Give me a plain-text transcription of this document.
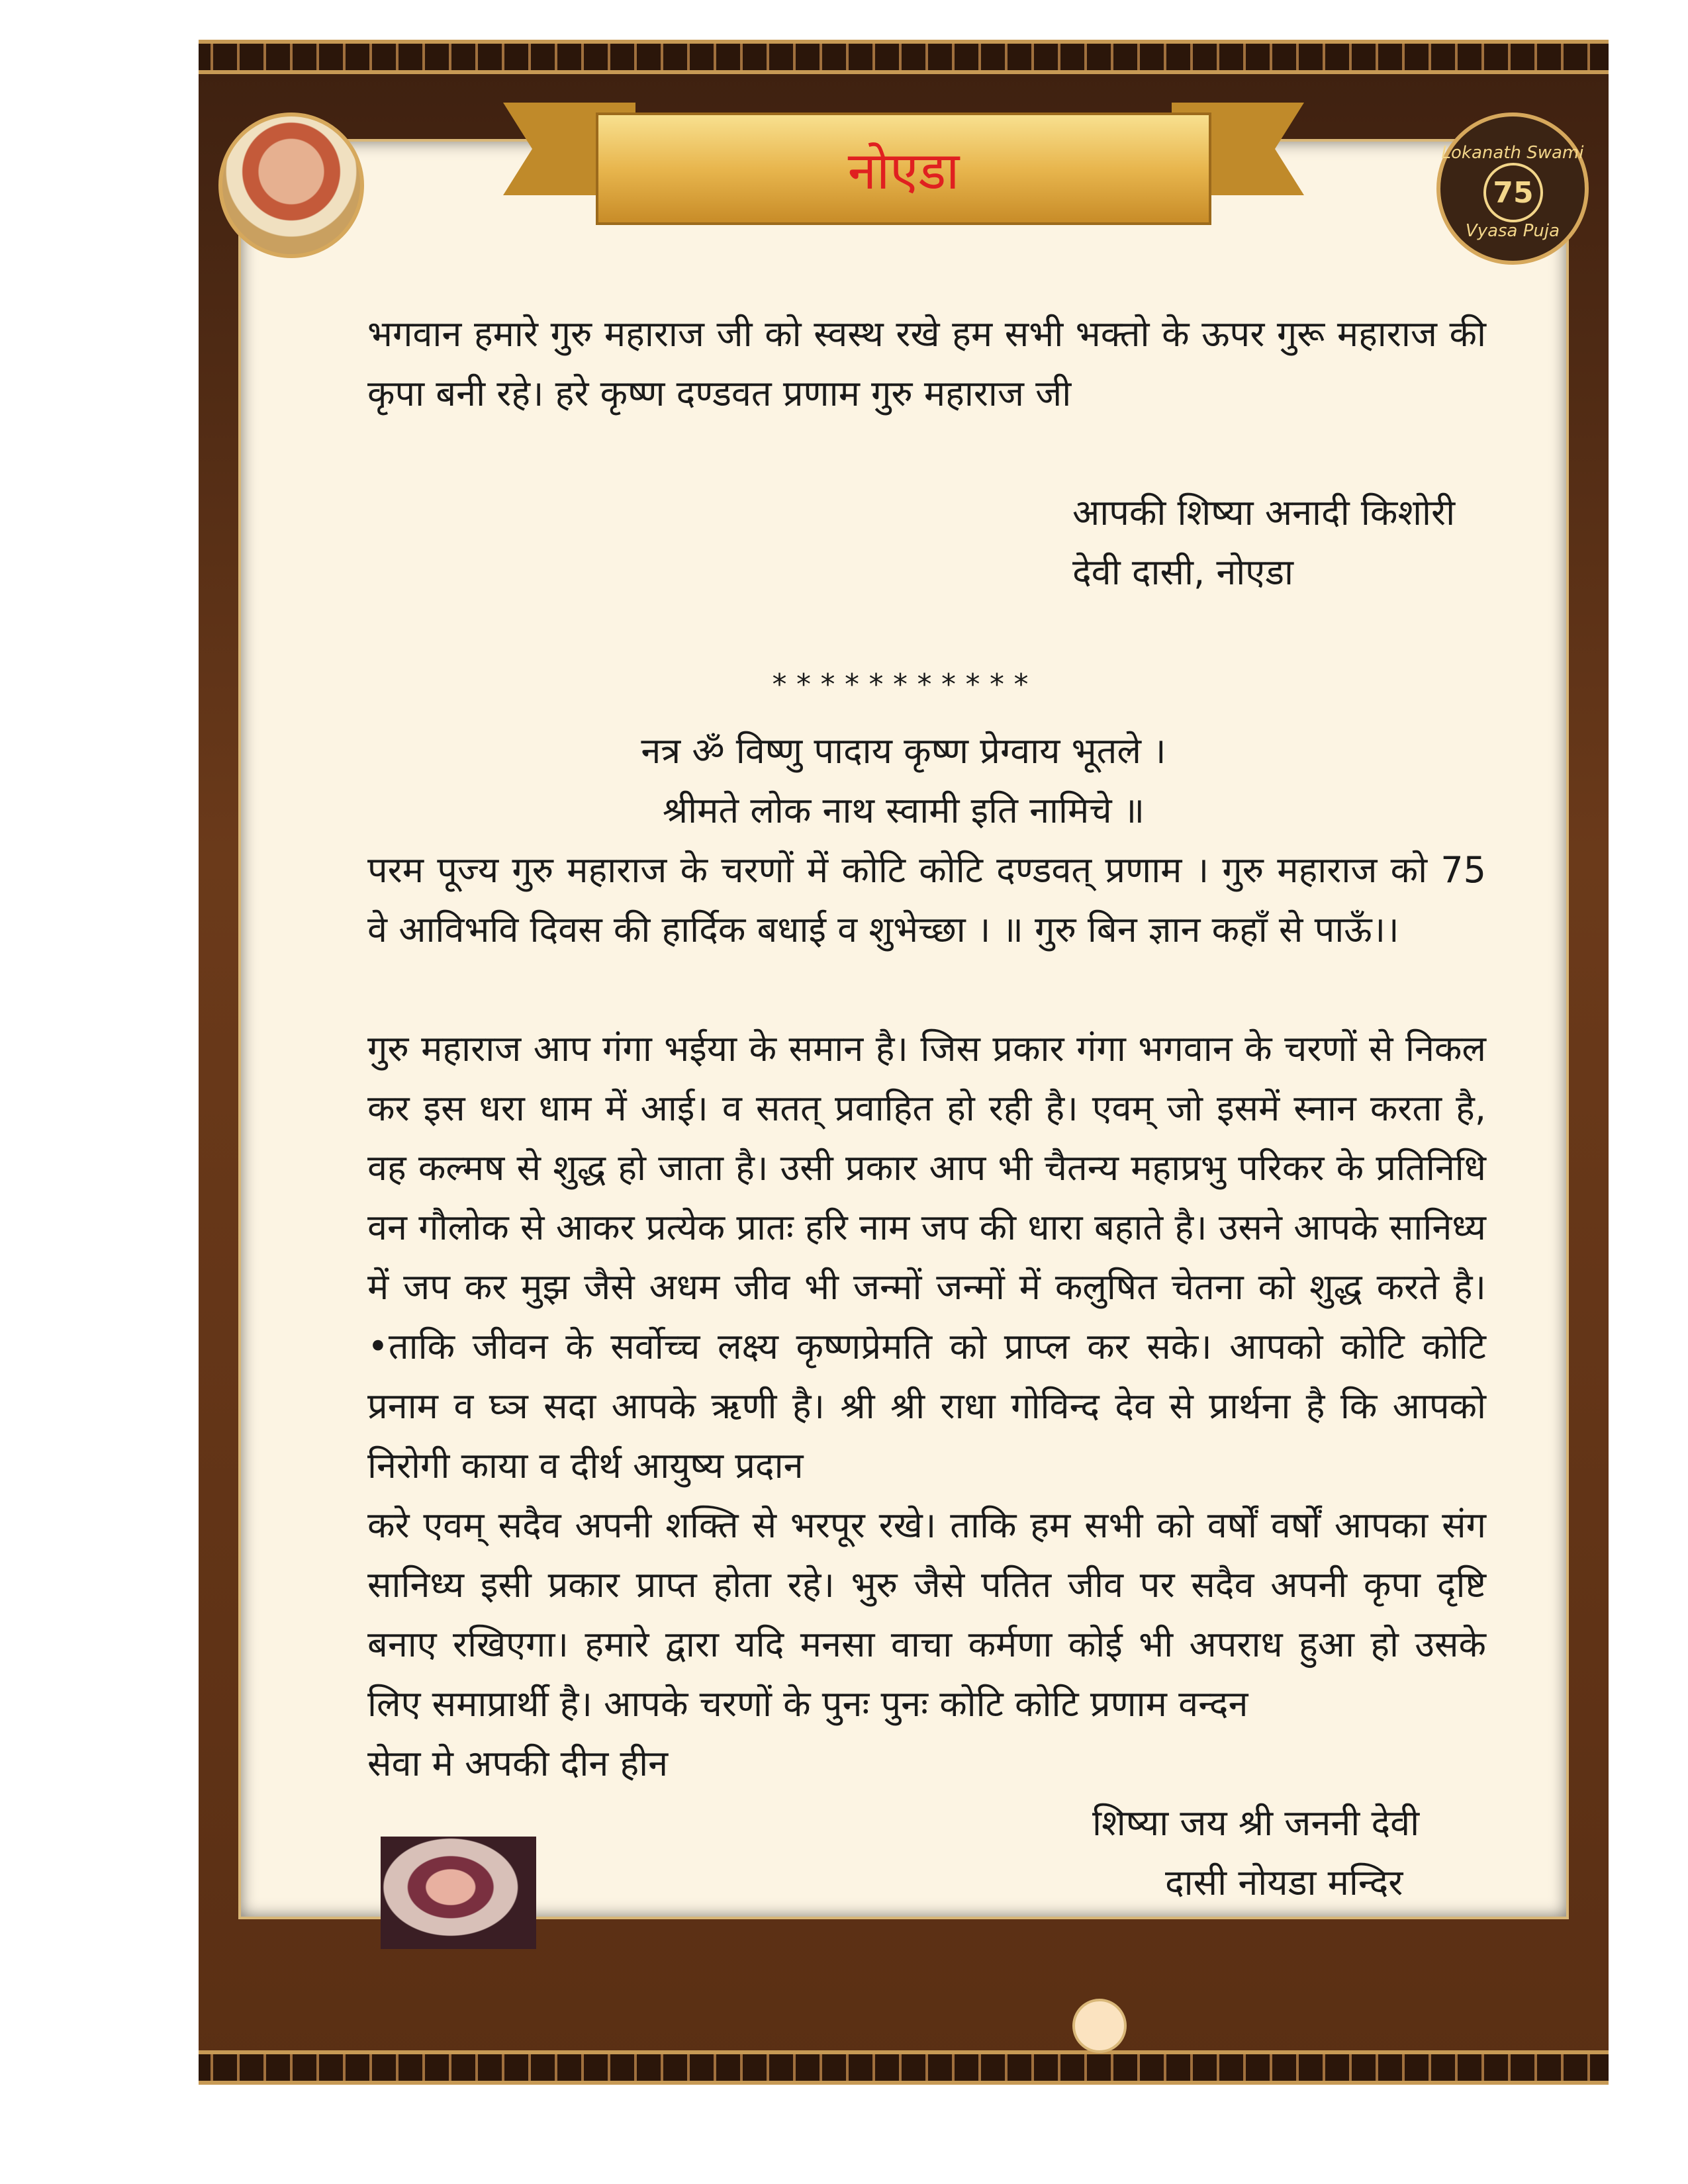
नोएडा	Lokanath Swami
75
Vyasa Puja
भगवान हमारे गुरु महाराज जी को स्वस्थ रखे हम सभी भक्तो के ऊपर गुरू महाराज की कृपा बनी रहे। हरे कृष्ण दण्डवत प्रणाम गुरु महाराज जी
आपकी शिष्या अनादी किशोरी
देवी दासी, नोएडा
***********
नत्र ॐ विष्णु पादाय कृष्ण प्रेग्वाय भूतले ।
श्रीमते लोक नाथ स्वामी इति नामिचे ॥
परम पूज्य गुरु महाराज के चरणों में कोटि कोटि दण्डवत् प्रणाम । गुरु महाराज को 75 वे आविभवि दिवस की हार्दिक बधाई व शुभेच्छा । ॥ गुरु बिन ज्ञान कहाँ से पाऊँ।।
गुरु महाराज आप गंगा भईया के समान है। जिस प्रकार गंगा भगवान के चरणों से निकल कर इस धरा धाम में आई। व सतत् प्रवाहित हो रही है। एवम् जो इसमें स्नान करता है, वह कल्मष से शुद्ध हो जाता है। उसी प्रकार आप भी चैतन्य महाप्रभु परिकर के प्रतिनिधि वन गौलोक से आकर प्रत्येक प्रातः हरि नाम जप की धारा बहाते है। उसने आपके सानिध्य में जप कर मुझ जैसे अधम जीव भी जन्मों जन्मों में कलुषित चेतना को शुद्ध करते है। •ताकि जीवन के सर्वोच्च लक्ष्य कृष्णप्रेमति को प्राप्ल कर सके। आपको कोटि कोटि प्रनाम व घ्ञ सदा आपके ऋणी है। श्री श्री राधा गोविन्द देव से प्रार्थना है कि आपको निरोगी काया व दीर्थ आयुष्य प्रदान
करे एवम् सदैव अपनी शक्ति से भरपूर रखे। ताकि हम सभी को वर्षों वर्षों आपका संग सानिध्य इसी प्रकार प्राप्त होता रहे। भुरु जैसे पतित जीव पर सदैव अपनी कृपा दृष्टि बनाए रखिएगा। हमारे द्वारा यदि मनसा वाचा कर्मणा कोई भी अपराध हुआ हो उसके लिए समाप्रार्थी है। आपके चरणों के पुनः पुनः कोटि कोटि प्रणाम वन्दन
सेवा मे अपकी दीन हीन
शिष्या जय श्री जननी देवी
दासी नोयडा मन्दिर
